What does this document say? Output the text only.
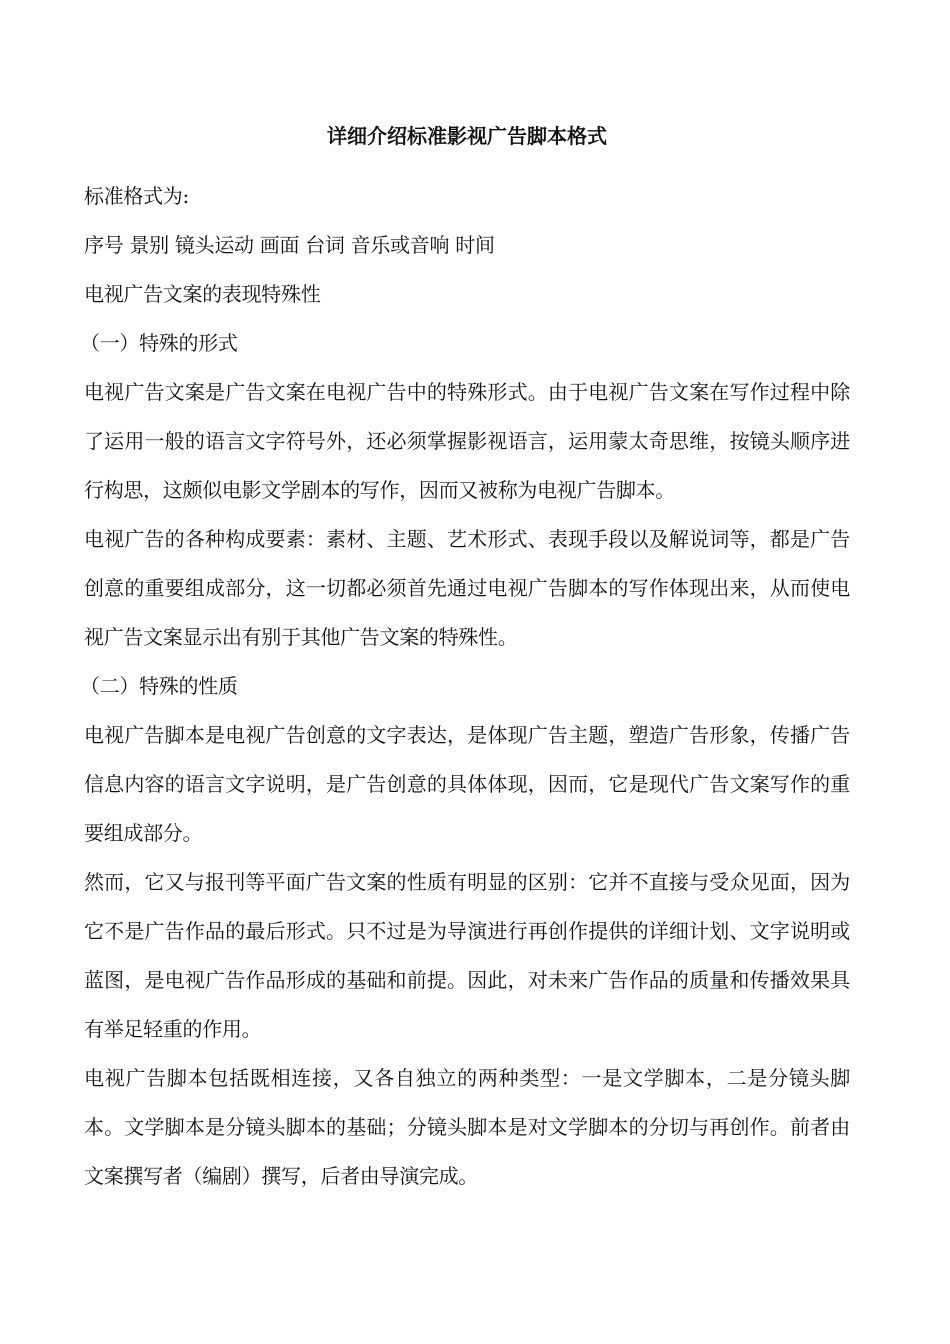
详细介绍标准影视广告脚本格式

标准格式为:

序号 景别 镜头运动 画面 台词 音乐或音响 时间

电视广告文案的表现特殊性

（一）特殊的形式

电视广告文案是广告文案在电视广告中的特殊形式。由于电视广告文案在写作过程中除了运用一般的语言文字符号外，还必须掌握影视语言，运用蒙太奇思维，按镜头顺序进行构思，这颇似电影文学剧本的写作，因而又被称为电视广告脚本。

电视广告的各种构成要素：素材、主题、艺术形式、表现手段以及解说词等，都是广告创意的重要组成部分，这一切都必须首先通过电视广告脚本的写作体现出来，从而使电视广告文案显示出有别于其他广告文案的特殊性。

（二）特殊的性质

电视广告脚本是电视广告创意的文字表达，是体现广告主题，塑造广告形象，传播广告信息内容的语言文字说明，是广告创意的具体体现，因而，它是现代广告文案写作的重要组成部分。

然而，它又与报刊等平面广告文案的性质有明显的区别：它并不直接与受众见面，因为它不是广告作品的最后形式。只不过是为导演进行再创作提供的详细计划、文字说明或蓝图，是电视广告作品形成的基础和前提。因此，对未来广告作品的质量和传播效果具有举足轻重的作用。

电视广告脚本包括既相连接，又各自独立的两种类型：一是文学脚本，二是分镜头脚本。文学脚本是分镜头脚本的基础；分镜头脚本是对文学脚本的分切与再创作。前者由文案撰写者（编剧）撰写，后者由导演完成。
